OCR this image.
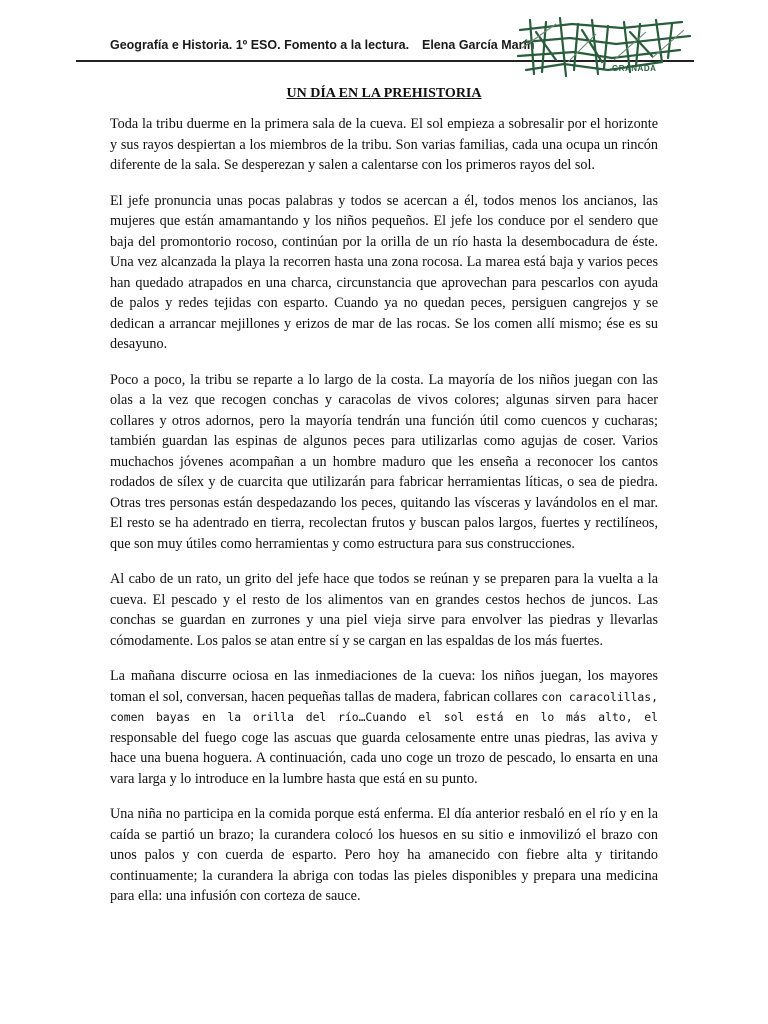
Geografía e Historia. 1º ESO. Fomento a la lectura. Elena García Marín
GRANADA
UN DÍA EN LA PREHISTORIA

Toda la tribu duerme en la primera sala de la cueva. El sol empieza a sobresalir por el horizonte y sus rayos despiertan a los miembros de la tribu. Son varias familias, cada una ocupa un rincón diferente de la sala. Se desperezan y salen a calentarse con los primeros rayos del sol.

El jefe pronuncia unas pocas palabras y todos se acercan a él, todos menos los ancianos, las mujeres que están amamantando y los niños pequeños. El jefe los conduce por el sendero que baja del promontorio rocoso, continúan por la orilla de un río hasta la desembocadura de éste. Una vez alcanzada la playa la recorren hasta una zona rocosa. La marea está baja y varios peces han quedado atrapados en una charca, circunstancia que aprovechan para pescarlos con ayuda de palos y redes tejidas con esparto. Cuando ya no quedan peces, persiguen cangrejos y se dedican a arrancar mejillones y erizos de mar de las rocas. Se los comen allí mismo; ése es su desayuno.

Poco a poco, la tribu se reparte a lo largo de la costa. La mayoría de los niños juegan con las olas a la vez que recogen conchas y caracolas de vivos colores; algunas sirven para hacer collares y otros adornos, pero la mayoría tendrán una función útil como cuencos y cucharas; también guardan las espinas de algunos peces para utilizarlas como agujas de coser. Varios muchachos jóvenes acompañan a un hombre maduro que les enseña a reconocer los cantos rodados de sílex y de cuarcita que utilizarán para fabricar herramientas líticas, o sea de piedra. Otras tres personas están despedazando los peces, quitando las vísceras y lavándolos en el mar. El resto se ha adentrado en tierra, recolectan frutos y buscan palos largos, fuertes y rectilíneos, que son muy útiles como herramientas y como estructura para sus construcciones.

Al cabo de un rato, un grito del jefe hace que todos se reúnan y se preparen para la vuelta a la cueva. El pescado y el resto de los alimentos van en grandes cestos hechos de juncos. Las conchas se guardan en zurrones y una piel vieja sirve para envolver las piedras y llevarlas cómodamente. Los palos se atan entre sí y se cargan en las espaldas de los más fuertes.

La mañana discurre ociosa en las inmediaciones de la cueva: los niños juegan, los mayores toman el sol, conversan, hacen pequeñas tallas de madera, fabrican collares con caracolillas, comen bayas en la orilla del río…Cuando el sol está en lo más alto, el responsable del fuego coge las ascuas que guarda celosamente entre unas piedras, las aviva y hace una buena hoguera. A continuación, cada uno coge un trozo de pescado, lo ensarta en una vara larga y lo introduce en la lumbre hasta que está en su punto.

Una niña no participa en la comida porque está enferma. El día anterior resbaló en el río y en la caída se partió un brazo; la curandera colocó los huesos en su sitio e inmovilizó el brazo con unos palos y con cuerda de esparto. Pero hoy ha amanecido con fiebre alta y tiritando continuamente; la curandera la abriga con todas las pieles disponibles y prepara una medicina para ella: una infusión con corteza de sauce.
